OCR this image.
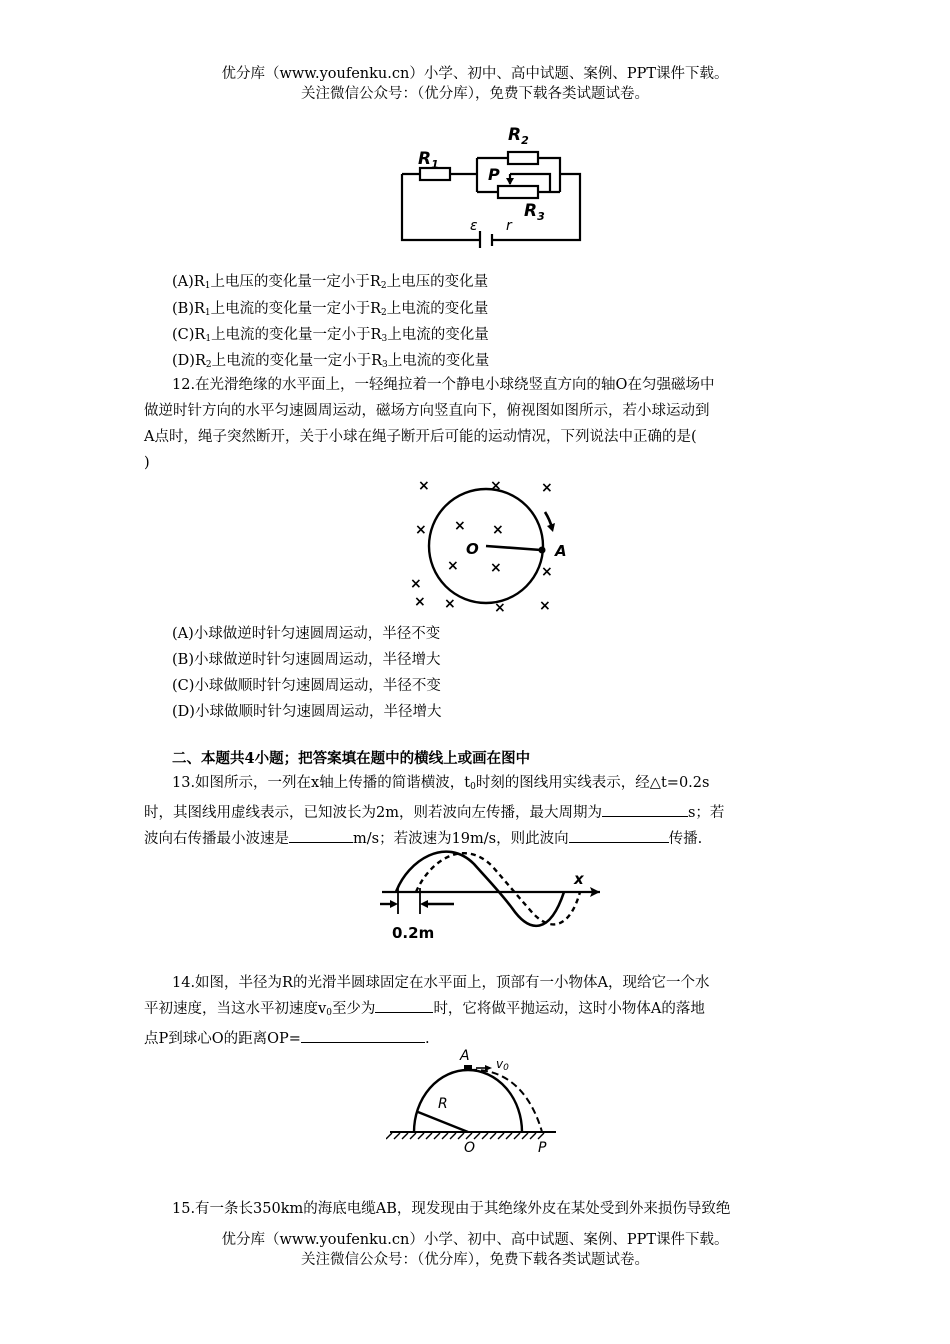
优分库（www.youfenku.cn）小学、初中、高中试题、案例、PPT课件下载。
关注微信公众号：（优分库），免费下载各类试题试卷。
$R_1$
$R_2$
P
$R_3$
ε r
$(A)R_1$上电压的变化量一定小于$R_2$上电压的变化量
$(B)R_1$上电流的变化量一定小于$R_2$上电流的变化量
$(C)R_1$上电流的变化量一定小于$R_3$上电流的变化量
$(D)R_2$上电流的变化量一定小于$R_3$上电流的变化量
12.在光滑绝缘的水平面上，一轻绳拉着一个静电小球绕竖直方向的轴O在匀强磁场中
做逆时针方向的水平匀速圆周运动，磁场方向竖直向下，俯视图如图所示，若小球运动到
A点时，绳子突然断开，关于小球在绳子断开后可能的运动情况，下列说法中正确的是(
)
×	×	×
× × ×
× ×	×
×
× ×	× ×
O	A
(A)小球做逆时针匀速圆周运动，半径不变
(B)小球做逆时针匀速圆周运动，半径增大
(C)小球做顺时针匀速圆周运动，半径不变
(D)小球做顺时针匀速圆周运动，半径增大
二、本题共4小题；把答案填在题中的横线上或画在图中
13.如图所示，一列在x轴上传播的简谐横波，$t_0$时刻的图线用实线表示，经△t=0.2s
时，其图线用虚线表示，已知波长为2m，则若波向左传播，最大周期为	s；若
波向右传播最小波速是	m/s；若波速为19m/s，则此波向	传播.
x
0.2m
14.如图，半径为R的光滑半圆球固定在水平面上，顶部有一小物体A，现给它一个水
平初速度，当这水平初速度$v_0$至少为	时，它将做平抛运动，这时小物体A的落地
点P到球心O的距离OP=	.
A v0
R
O	P
15.有一条长350km的海底电缆AB，现发现由于其绝缘外皮在某处受到外来损伤导致绝
优分库（www.youfenku.cn）小学、初中、高中试题、案例、PPT课件下载。
关注微信公众号：（优分库），免费下载各类试题试卷。
